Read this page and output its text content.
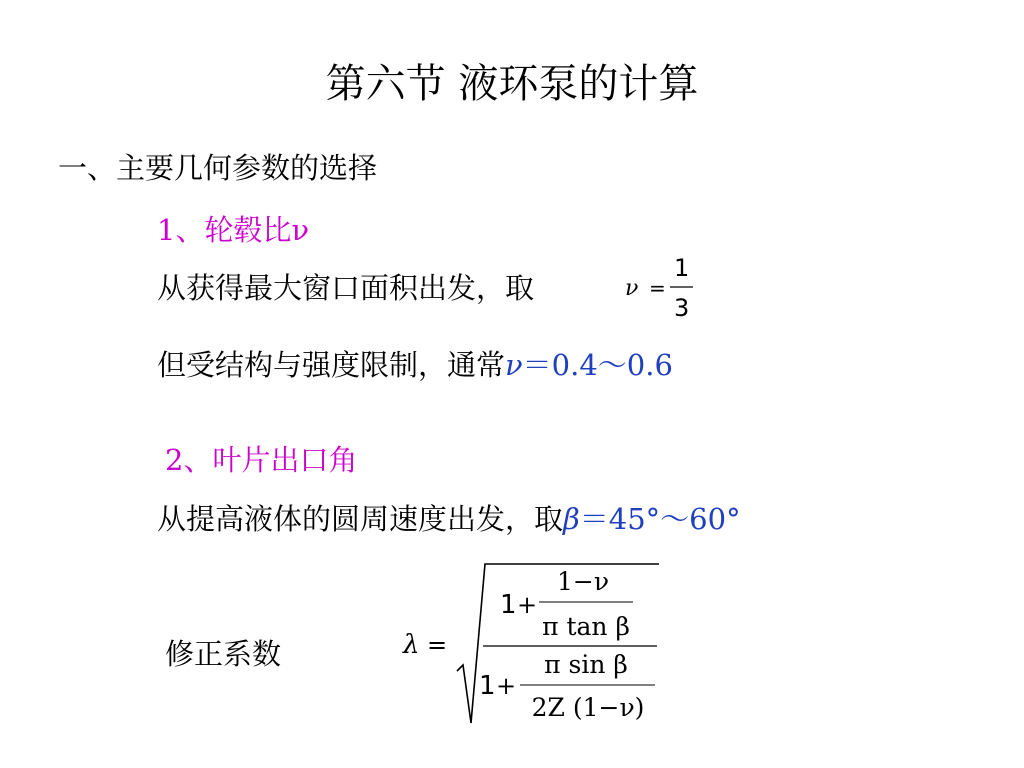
第六节 液环泵的计算
一、主要几何参数的选择
1、轮毂比ν
从获得最大窗口面积出发，取	ν =
1
3
但受结构与强度限制，通常ν＝0.4～0.6
2、叶片出口角
从提高液体的圆周速度出发，取β＝45°～60°
修正系数	λ =
1 +
1−ν
π tan β
1 +
π sin β
2Z (1−ν)
